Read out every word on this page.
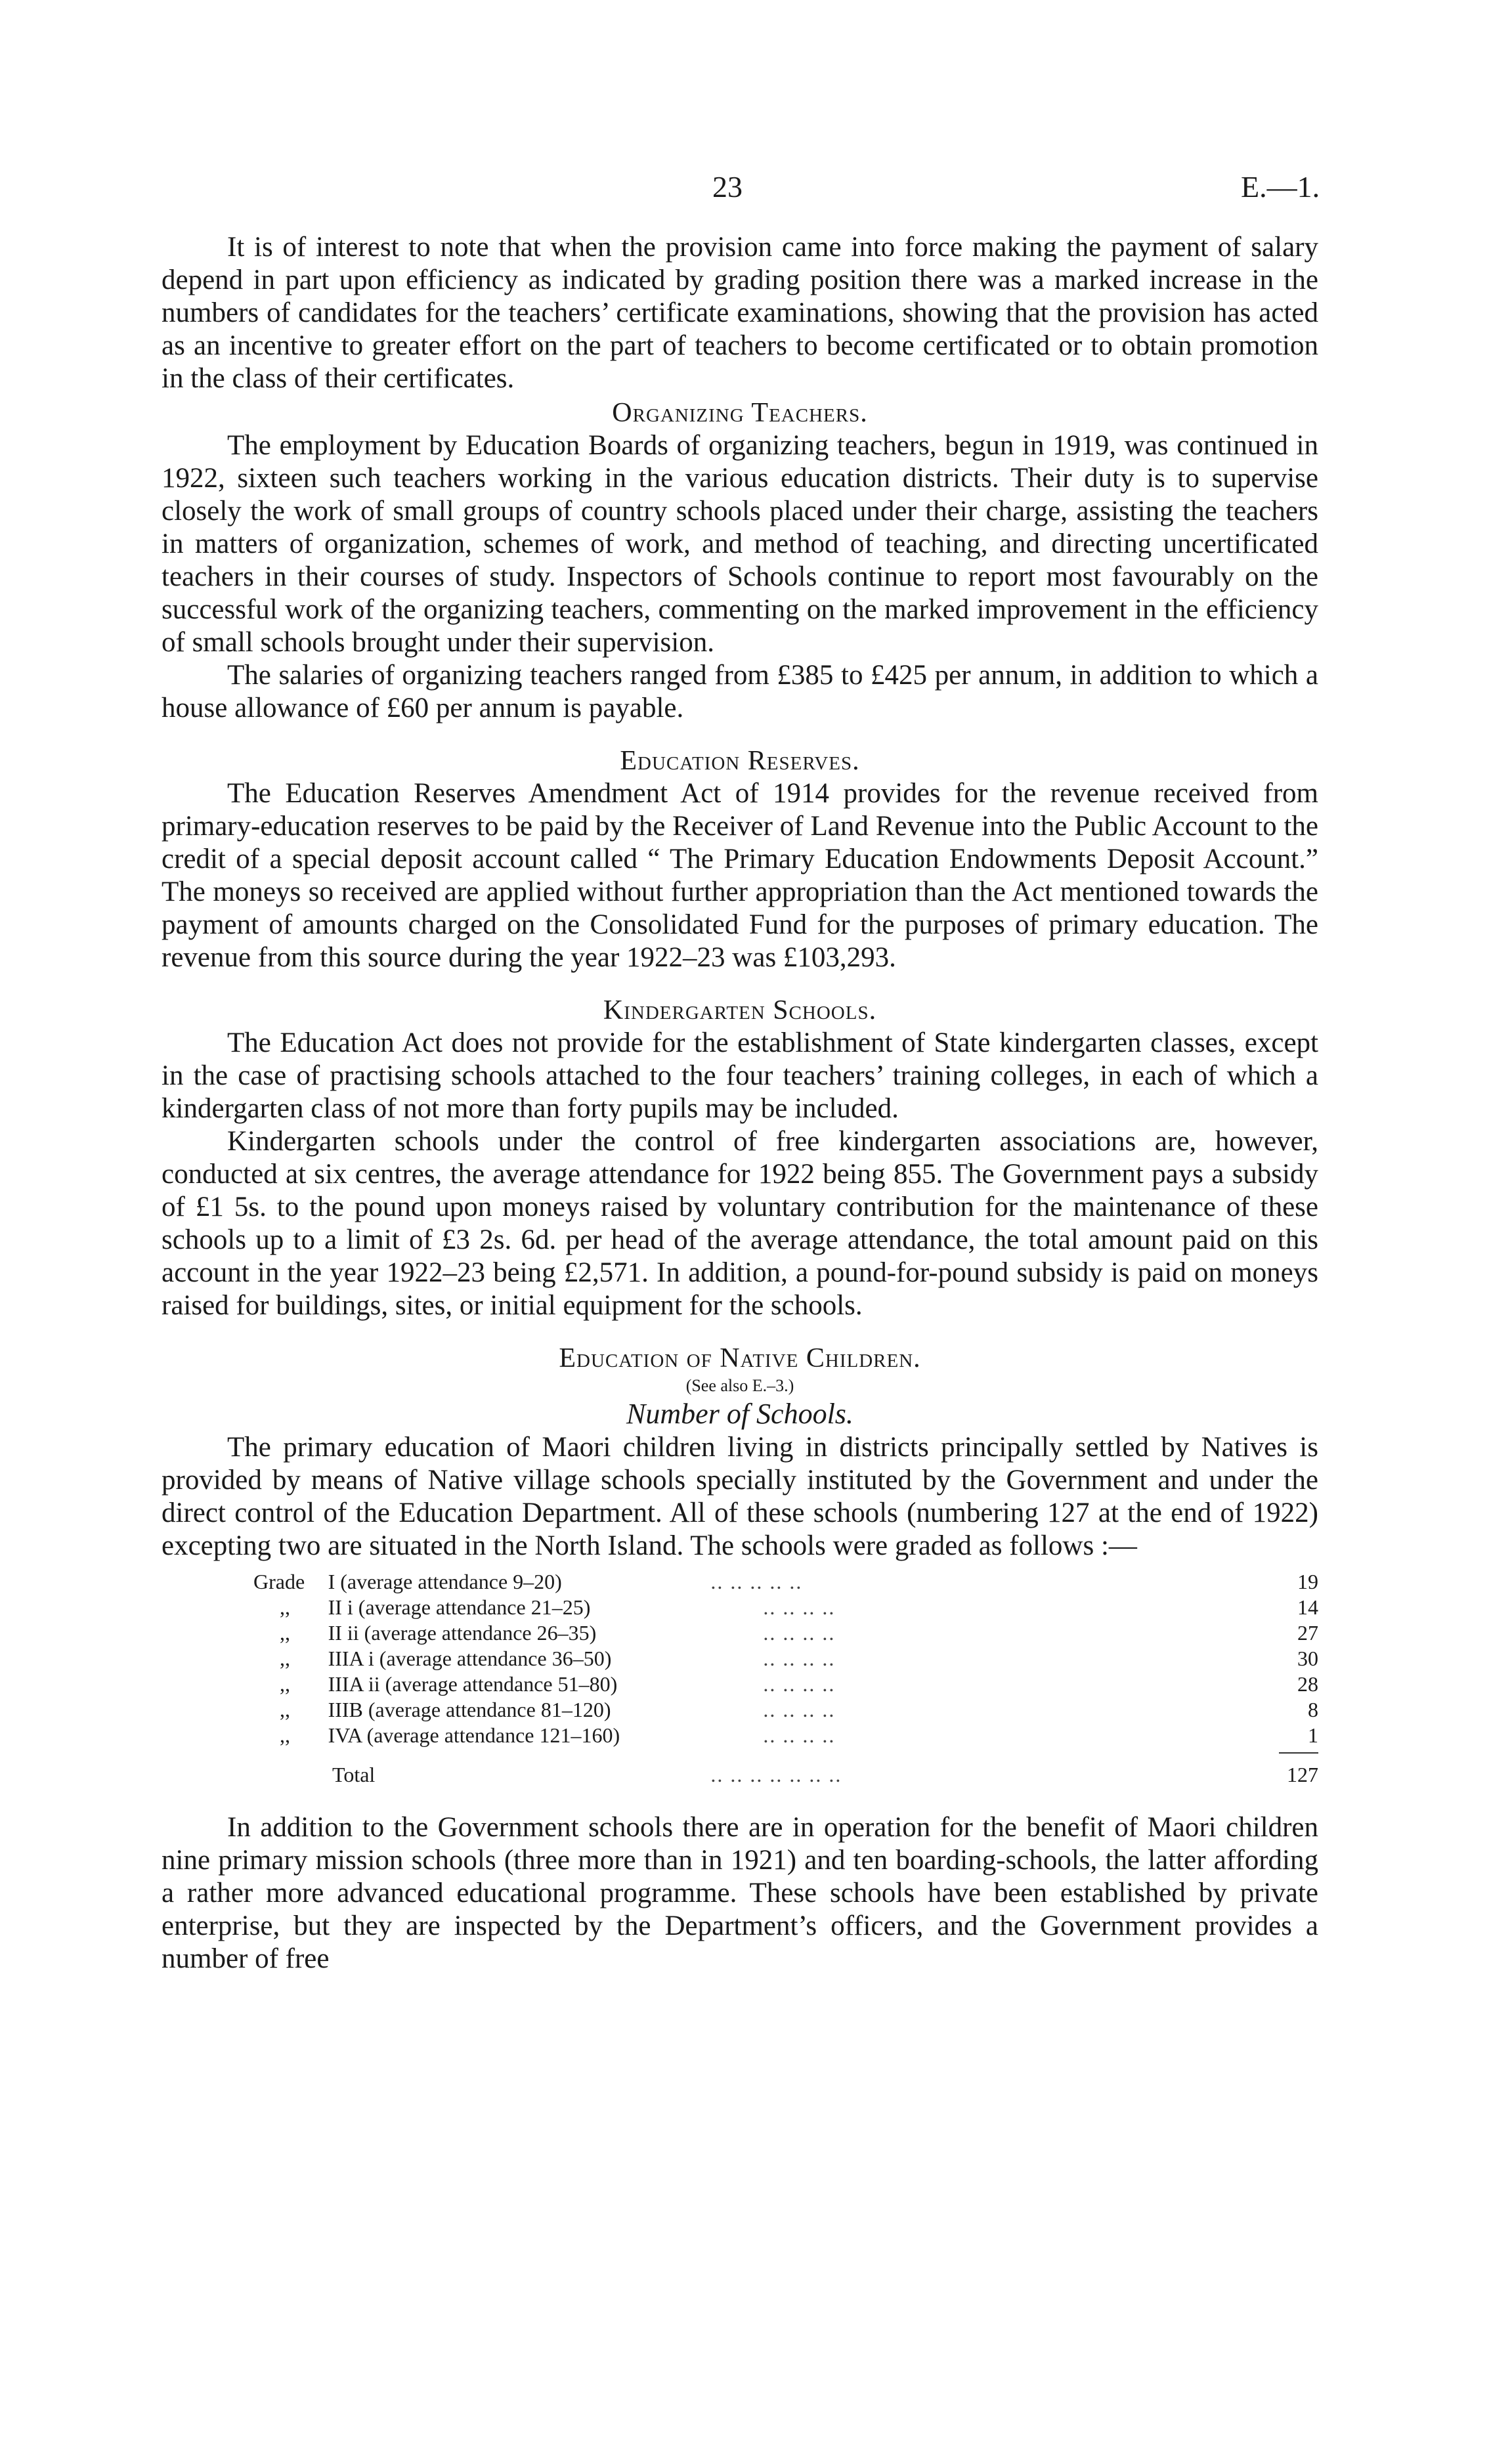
23	E.—1.

It is of interest to note that when the provision came into force making the payment of salary depend in part upon efficiency as indicated by grading position there was a marked increase in the numbers of candidates for the teachers’ certificate examinations, showing that the provision has acted as an incentive to greater effort on the part of teachers to become certificated or to obtain promotion in the class of their certificates.

Organizing Teachers.

The employment by Education Boards of organizing teachers, begun in 1919, was continued in 1922, sixteen such teachers working in the various education districts. Their duty is to supervise closely the work of small groups of country schools placed under their charge, assisting the teachers in matters of organization, schemes of work, and method of teaching, and directing uncertificated teachers in their courses of study. Inspectors of Schools continue to report most favourably on the successful work of the organizing teachers, commenting on the marked improvement in the efficiency of small schools brought under their supervision.

The salaries of organizing teachers ranged from £385 to £425 per annum, in addition to which a house allowance of £60 per annum is payable.

Education Reserves.

The Education Reserves Amendment Act of 1914 provides for the revenue received from primary-education reserves to be paid by the Receiver of Land Revenue into the Public Account to the credit of a special deposit account called “ The Primary Education Endowments Deposit Account.” The moneys so received are applied without further appropriation than the Act mentioned towards the payment of amounts charged on the Consolidated Fund for the purposes of primary education. The revenue from this source during the year 1922–23 was £103,293.

Kindergarten Schools.

The Education Act does not provide for the establishment of State kindergarten classes, except in the case of practising schools attached to the four teachers’ training colleges, in each of which a kindergarten class of not more than forty pupils may be included.

Kindergarten schools under the control of free kindergarten associations are, however, conducted at six centres, the average attendance for 1922 being 855. The Government pays a subsidy of £1 5s. to the pound upon moneys raised by voluntary contribution for the maintenance of these schools up to a limit of £3 2s. 6d. per head of the average attendance, the total amount paid on this account in the year 1922–23 being £2,571. In addition, a pound-for-pound subsidy is paid on moneys raised for buildings, sites, or initial equipment for the schools.

Education of Native Children.
(See also E.–3.)
Number of Schools.

The primary education of Maori children living in districts principally settled by Natives is provided by means of Native village schools specially instituted by the Government and under the direct control of the Education Department. All of these schools (numbering 127 at the end of 1922) excepting two are situated in the North Island. The schools were graded as follows :—

Grade	I (average attendance 9–20)	.. .. .. .. ..	19
,,	II i (average attendance 21–25)	.. .. .. ..	14
,,	II ii (average attendance 26–35)	.. .. .. ..	27
,,	IIIA i (average attendance 36–50)	.. .. .. ..	30
,,	IIIA ii (average attendance 51–80)	.. .. .. ..	28
,,	IIIB (average attendance 81–120)	.. .. .. ..	8
,,	IVA (average attendance 121–160)	.. .. .. ..	1

Total		.. .. .. .. .. .. ..	127

In addition to the Government schools there are in operation for the benefit of Maori children nine primary mission schools (three more than in 1921) and ten boarding-schools, the latter affording a rather more advanced educational programme. These schools have been established by private enterprise, but they are inspected by the Department’s officers, and the Government provides a number of free
